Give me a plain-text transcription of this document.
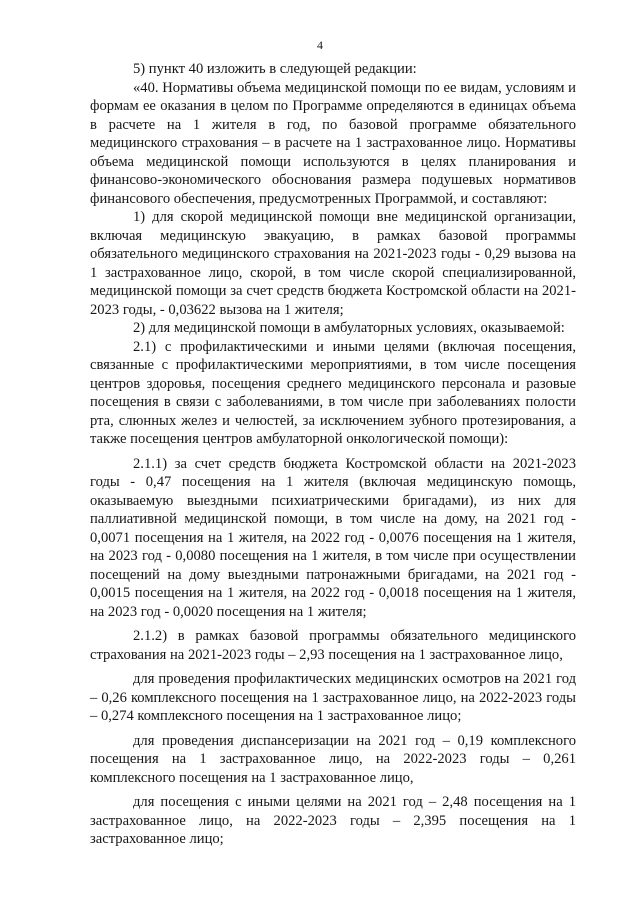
4

5) пункт 40 изложить в следующей редакции:

«40. Нормативы объема медицинской помощи по ее видам, условиям и формам ее оказания в целом по Программе определяются в единицах объема в расчете на 1 жителя в год, по базовой программе обязательного медицинского страхования – в расчете на 1 застрахованное лицо. Нормативы объема медицинской помощи используются в целях планирования и финансово-экономического обоснования размера подушевых нормативов финансового обеспечения, предусмотренных Программой, и составляют:

1) для скорой медицинской помощи вне медицинской организации, включая медицинскую эвакуацию, в рамках базовой программы обязательного медицинского страхования на 2021-2023 годы - 0,29 вызова на 1 застрахованное лицо, скорой, в том числе скорой специализированной, медицинской помощи за счет средств бюджета Костромской области на 2021-2023 годы, - 0,03622 вызова на 1 жителя;

2) для медицинской помощи в амбулаторных условиях, оказываемой:

2.1) с профилактическими и иными целями (включая посещения, связанные с профилактическими мероприятиями, в том числе посещения центров здоровья, посещения среднего медицинского персонала и разовые посещения в связи с заболеваниями, в том числе при заболеваниях полости рта, слюнных желез и челюстей, за исключением зубного протезирования, а также посещения центров амбулаторной онкологической помощи):

2.1.1) за счет средств бюджета Костромской области на 2021-2023 годы - 0,47 посещения на 1 жителя (включая медицинскую помощь, оказываемую выездными психиатрическими бригадами), из них для паллиативной медицинской помощи, в том числе на дому, на 2021 год - 0,0071 посещения на 1 жителя, на 2022 год - 0,0076 посещения на 1 жителя, на 2023 год - 0,0080 посещения на 1 жителя, в том числе при осуществлении посещений на дому выездными патронажными бригадами, на 2021 год - 0,0015 посещения на 1 жителя, на 2022 год - 0,0018 посещения на 1 жителя, на 2023 год - 0,0020 посещения на 1 жителя;

2.1.2) в рамках базовой программы обязательного медицинского страхования на 2021-2023 годы – 2,93 посещения на 1 застрахованное лицо,

для проведения профилактических медицинских осмотров на 2021 год – 0,26 комплексного посещения на 1 застрахованное лицо, на 2022-2023 годы – 0,274 комплексного посещения на 1 застрахованное лицо;

для проведения диспансеризации на 2021 год – 0,19 комплексного посещения на 1 застрахованное лицо, на 2022-2023 годы – 0,261 комплексного посещения на 1 застрахованное лицо,

для посещения с иными целями на 2021 год – 2,48 посещения на 1 застрахованное лицо, на 2022-2023 годы – 2,395 посещения на 1 застрахованное лицо;
